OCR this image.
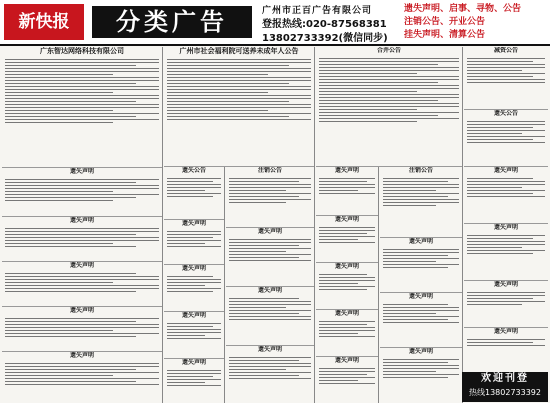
新快报	分类广告	广州市正百广告有限公司
登报热线:020-87568381
13802733392(微信同步)
遗失声明、启事、寻物、公告
注销公告、开业公告
挂失声明、清算公告
广东智达网络科技有限公司
遗失声明
遗失声明
遗失声明
遗失声明
遗失声明
遗失公告
遗失声明
遗失声明
遗失声明
遗失声明
广州市社会福利院可送养未成年人公告
注销公告
遗失声明
遗失声明
遗失声明
遗失声明
遗失声明
遗失声明
遗失声明
遗失声明
合并公告
注销公告
遗失声明
遗失声明
遗失声明
减资公告
遗失公告
遗失声明
遗失声明
遗失声明
遗失声明
欢迎刊登
热线13802733392
